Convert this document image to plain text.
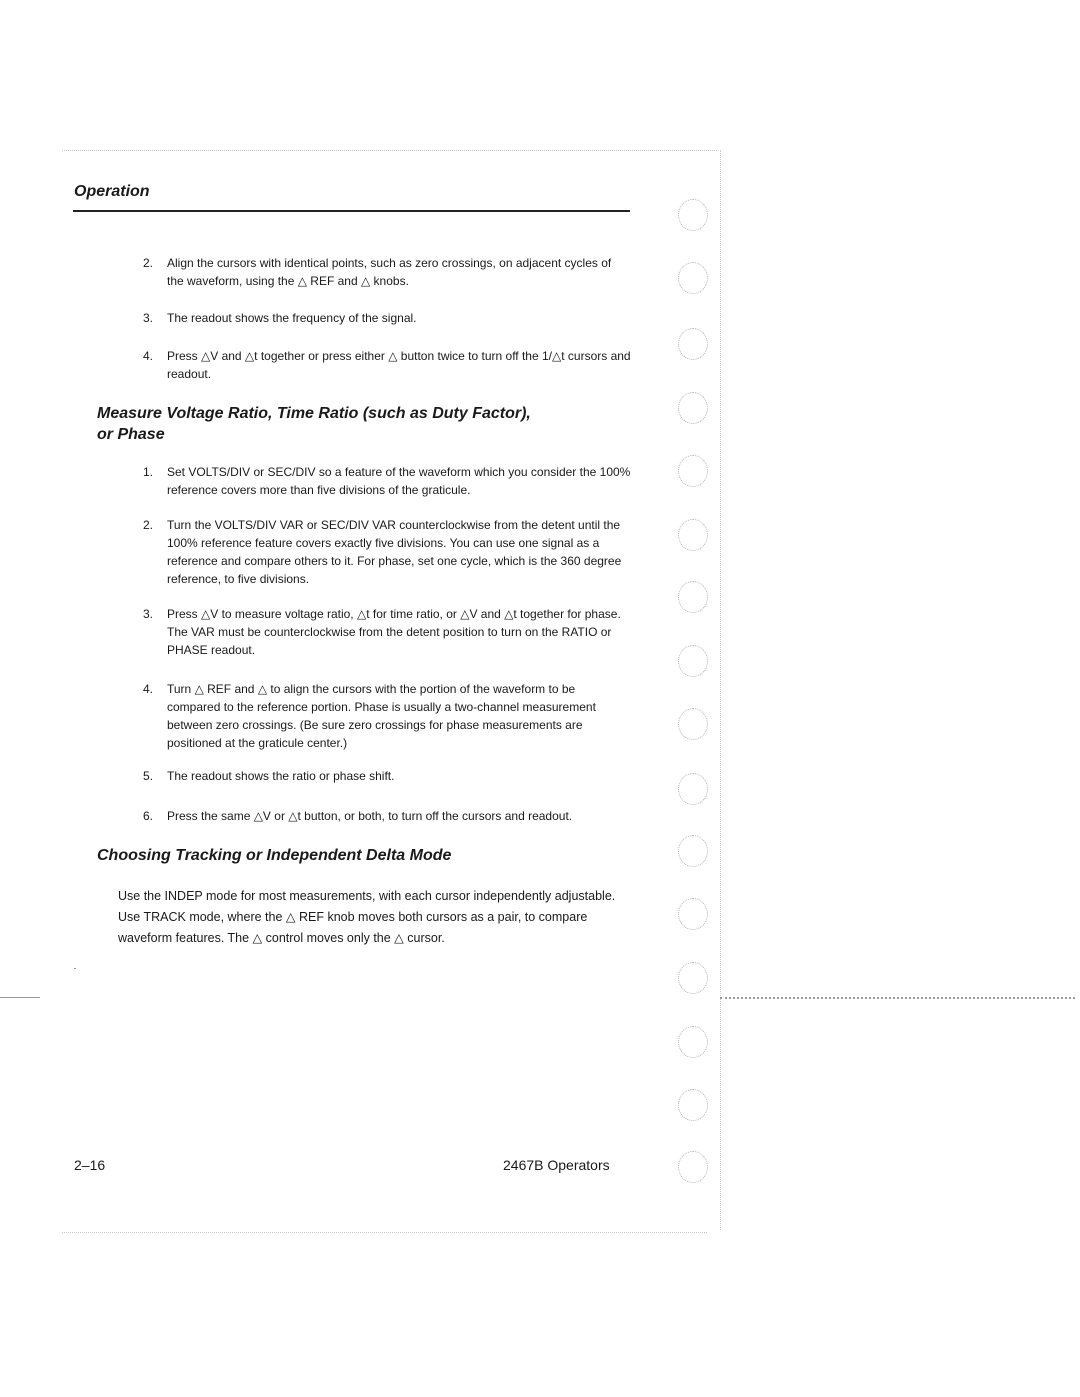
Operation
2.	Align the cursors with identical points, such as zero crossings, on adjacent cycles of the waveform, using the △ REF and △ knobs.
3.	The readout shows the frequency of the signal.
4.	Press △V and △t together or press either △ button twice to turn off the 1/△t cursors and readout.
Measure Voltage Ratio, Time Ratio (such as Duty Factor),
or Phase
1.	Set VOLTS/DIV or SEC/DIV so a feature of the waveform which you consider the 100% reference covers more than five divisions of the graticule.
2.	Turn the VOLTS/DIV VAR or SEC/DIV VAR counterclockwise from the detent until the 100% reference feature covers exactly five divisions. You can use one signal as a reference and compare others to it. For phase, set one cycle, which is the 360 degree reference, to five divisions.
3.	Press △V to measure voltage ratio, △t for time ratio, or △V and △t together for phase. The VAR must be counterclockwise from the detent position to turn on the RATIO or PHASE readout.
4.	Turn △ REF and △ to align the cursors with the portion of the waveform to be compared to the reference portion. Phase is usually a two-channel measurement between zero crossings. (Be sure zero crossings for phase measurements are positioned at the graticule center.)
5.	The readout shows the ratio or phase shift.
6.	Press the same △V or △t button, or both, to turn off the cursors and readout.
Choosing Tracking or Independent Delta Mode
Use the INDEP mode for most measurements, with each cursor independently adjustable. Use TRACK mode, where the △ REF knob moves both cursors as a pair, to compare waveform features. The △ control moves only the △ cursor.
2–16	2467B Operators
